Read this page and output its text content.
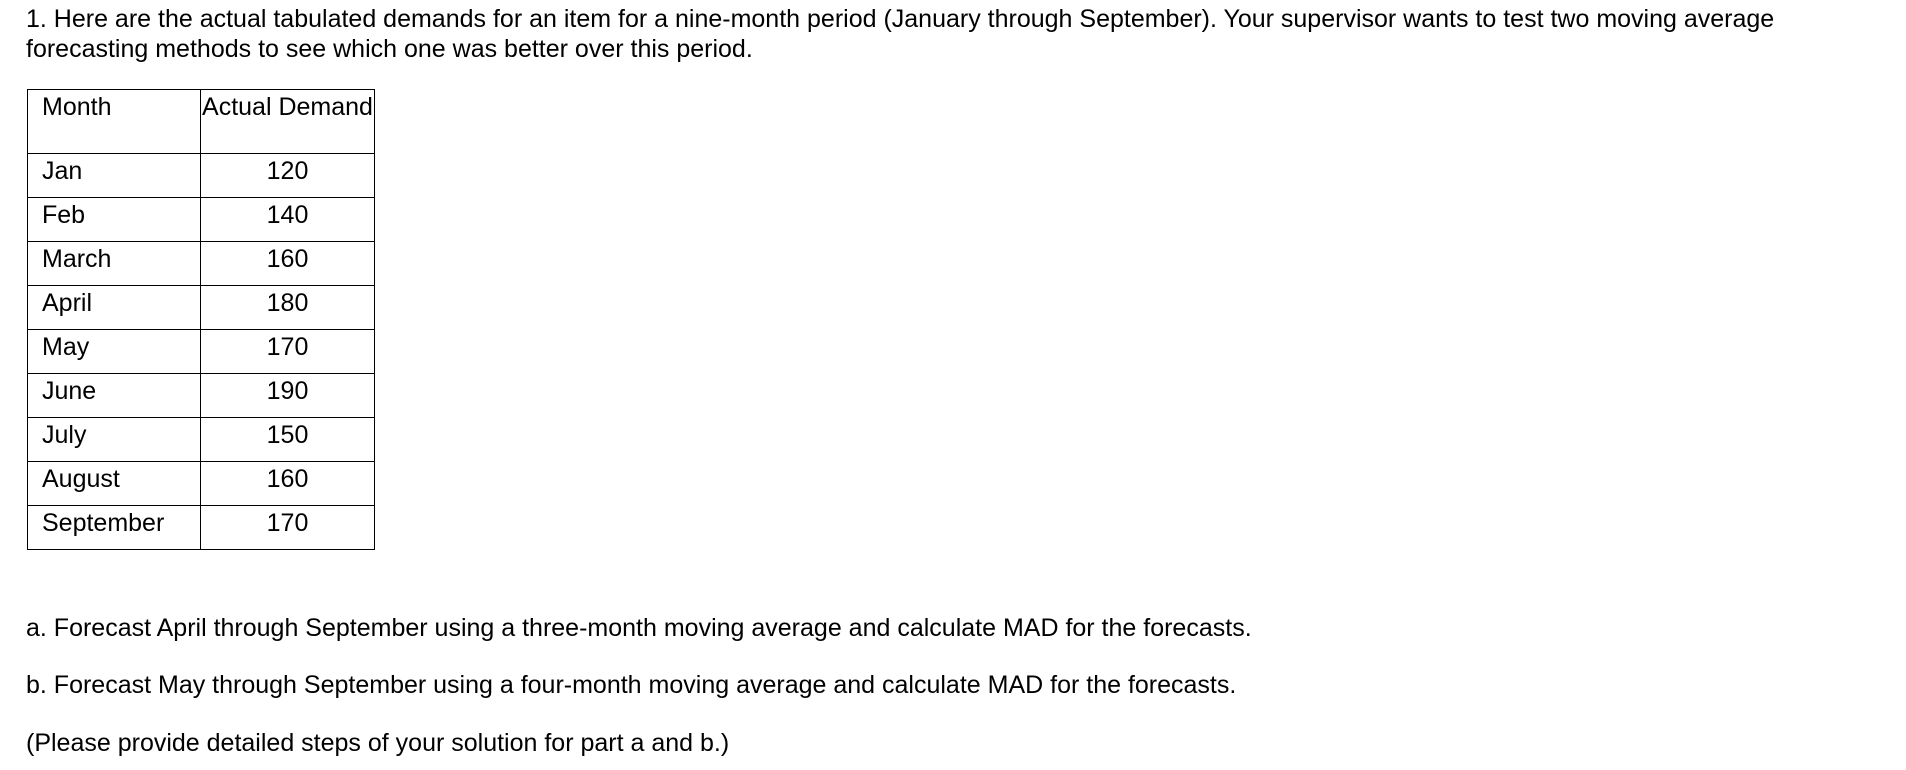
1. Here are the actual tabulated demands for an item for a nine-month period (January through September). Your supervisor wants to test two moving average forecasting methods to see which one was better over this period.

Month	Actual Demand
Jan	120
Feb	140
March	160
April	180
May	170
June	190
July	150
August	160
September	170

a. Forecast April through September using a three-month moving average and calculate MAD for the forecasts.

b. Forecast May through September using a four-month moving average and calculate MAD for the forecasts.

(Please provide detailed steps of your solution for part a and b.)
